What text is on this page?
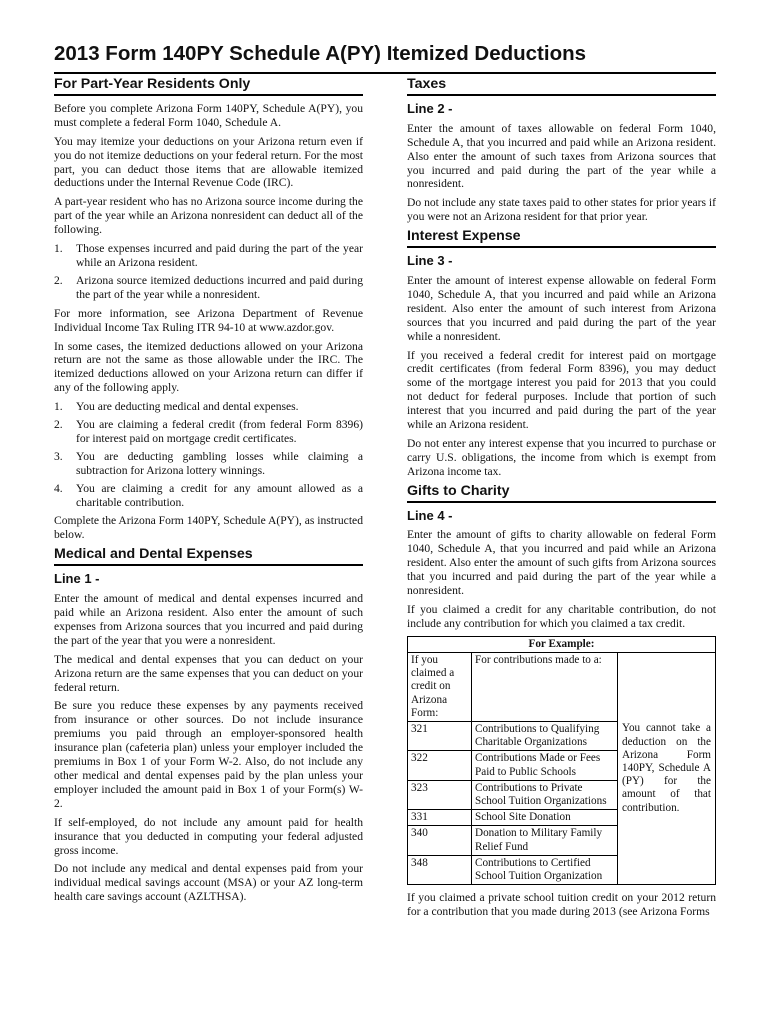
2013 Form 140PY Schedule A(PY) Itemized Deductions
For Part-Year Residents Only

Before you complete Arizona Form 140PY, Schedule A(PY), you must complete a federal Form 1040, Schedule A.

You may itemize your deductions on your Arizona return even if you do not itemize deductions on your federal return. For the most part, you can deduct those items that are allowable itemized deductions under the Internal Revenue Code (IRC).

A part-year resident who has no Arizona source income during the part of the year while an Arizona nonresident can deduct all of the following.

1. Those expenses incurred and paid during the part of the year while an Arizona resident.
2. Arizona source itemized deductions incurred and paid during the part of the year while a nonresident.

For more information, see Arizona Department of Revenue Individual Income Tax Ruling ITR 94-10 at www.azdor.gov.

In some cases, the itemized deductions allowed on your Arizona return are not the same as those allowable under the IRC. The itemized deductions allowed on your Arizona return can differ if any of the following apply.

1. You are deducting medical and dental expenses.
2. You are claiming a federal credit (from federal Form 8396) for interest paid on mortgage credit certificates.
3. You are deducting gambling losses while claiming a subtraction for Arizona lottery winnings.
4. You are claiming a credit for any amount allowed as a charitable contribution.

Complete the Arizona Form 140PY, Schedule A(PY), as instructed below.

Medical and Dental Expenses
Line 1 -

Enter the amount of medical and dental expenses incurred and paid while an Arizona resident. Also enter the amount of such expenses from Arizona sources that you incurred and paid during the part of the year that you were a nonresident.

The medical and dental expenses that you can deduct on your Arizona return are the same expenses that you can deduct on your federal return.

Be sure you reduce these expenses by any payments received from insurance or other sources. Do not include insurance premiums you paid through an employer-sponsored health insurance plan (cafeteria plan) unless your employer included the premiums in Box 1 of your Form W-2. Also, do not include any other medical and dental expenses paid by the plan unless your employer included the amount paid in Box 1 of your Form(s) W-2.

If self-employed, do not include any amount paid for health insurance that you deducted in computing your federal adjusted gross income.

Do not include any medical and dental expenses paid from your individual medical savings account (MSA) or your AZ long-term health care savings account (AZLTHSA).

Taxes
Line 2 -

Enter the amount of taxes allowable on federal Form 1040, Schedule A, that you incurred and paid while an Arizona resident. Also enter the amount of such taxes from Arizona sources that you incurred and paid during the part of the year while a nonresident.

Do not include any state taxes paid to other states for prior years if you were not an Arizona resident for that prior year.

Interest Expense
Line 3 -

Enter the amount of interest expense allowable on federal Form 1040, Schedule A, that you incurred and paid while an Arizona resident. Also enter the amount of such interest from Arizona sources that you incurred and paid during the part of the year while a nonresident.

If you received a federal credit for interest paid on mortgage credit certificates (from federal Form 8396), you may deduct some of the mortgage interest you paid for 2013 that you could not deduct for federal purposes. Include that portion of such interest that you incurred and paid during the part of the year while an Arizona resident.

Do not enter any interest expense that you incurred to purchase or carry U.S. obligations, the income from which is exempt from Arizona income tax.

Gifts to Charity
Line 4 -

Enter the amount of gifts to charity allowable on federal Form 1040, Schedule A, that you incurred and paid while an Arizona resident. Also enter the amount of such gifts from Arizona sources that you incurred and paid during the part of the year while a nonresident.

If you claimed a credit for any charitable contribution, do not include any contribution for which you claimed a tax credit.

For Example:		
If you claimed a credit on Arizona Form:	For contributions made to a:	You cannot take a deduction on the Arizona Form 140PY, Schedule A (PY) for the amount of that contribution.
321	Contributions to Qualifying Charitable Organizations	
322	Contributions Made or Fees Paid to Public Schools	
323	Contributions to Private School Tuition Organizations	
331	School Site Donation	
340	Donation to Military Family Relief Fund	
348	Contributions to Certified School Tuition Organization	

If you claimed a private school tuition credit on your 2012 return for a contribution that you made during 2013 (see Arizona Forms
